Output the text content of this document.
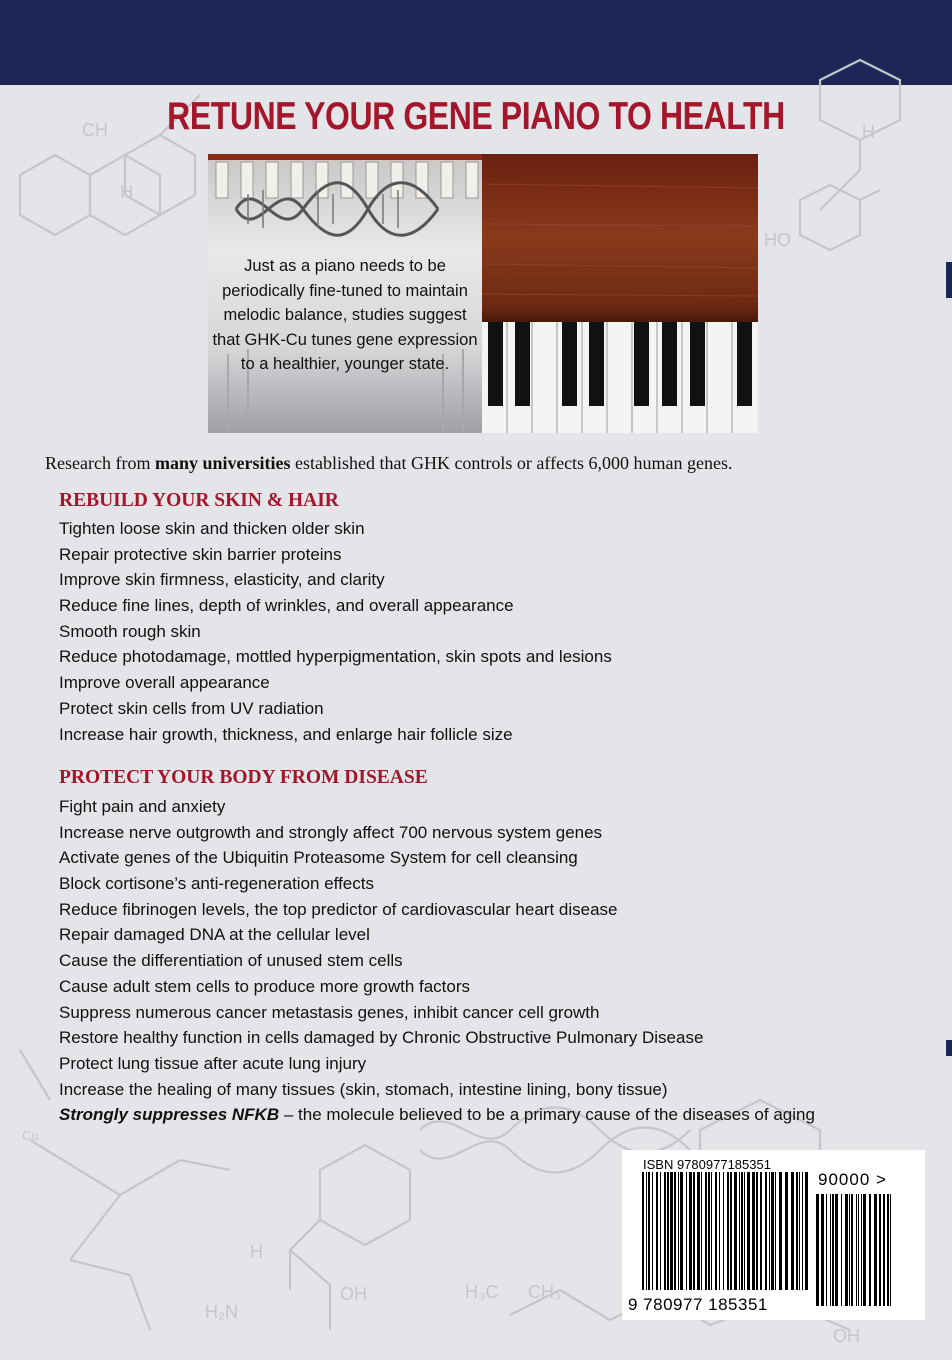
CH
H
H
HO
H
OH
H₂N
H₃C CH₃
OH
Cu
RETUNE YOUR GENE PIANO TO HEALTH
Just as a piano needs to be periodically fine-tuned to maintain melodic balance, studies suggest that GHK-Cu tunes gene expression to a healthier, younger state.
Research from many universities established that GHK controls or affects 6,000 human genes.
REBUILD YOUR SKIN & HAIR
Tighten loose skin and thicken older skin
Repair protective skin barrier proteins
Improve skin firmness, elasticity, and clarity
Reduce fine lines, depth of wrinkles, and overall appearance
Smooth rough skin
Reduce photodamage, mottled hyperpigmentation, skin spots and lesions
Improve overall appearance
Protect skin cells from UV radiation
Increase hair growth, thickness, and enlarge hair follicle size
PROTECT YOUR BODY FROM DISEASE
Fight pain and anxiety
Increase nerve outgrowth and strongly affect 700 nervous system genes
Activate genes of the Ubiquitin Proteasome System for cell cleansing
Block cortisone’s anti-regeneration effects
Reduce fibrinogen levels, the top predictor of cardiovascular heart disease
Repair damaged DNA at the cellular level
Cause the differentiation of unused stem cells
Cause adult stem cells to produce more growth factors
Suppress numerous cancer metastasis genes, inhibit cancer cell growth
Restore healthy function in cells damaged by Chronic Obstructive Pulmonary Disease
Protect lung tissue after acute lung injury
Increase the healing of many tissues (skin, stomach, intestine lining, bony tissue)
Strongly suppresses NFKB – the molecule believed to be a primary cause of the diseases of aging
ISBN 9780977185351
90000 >
9 780977 185351
